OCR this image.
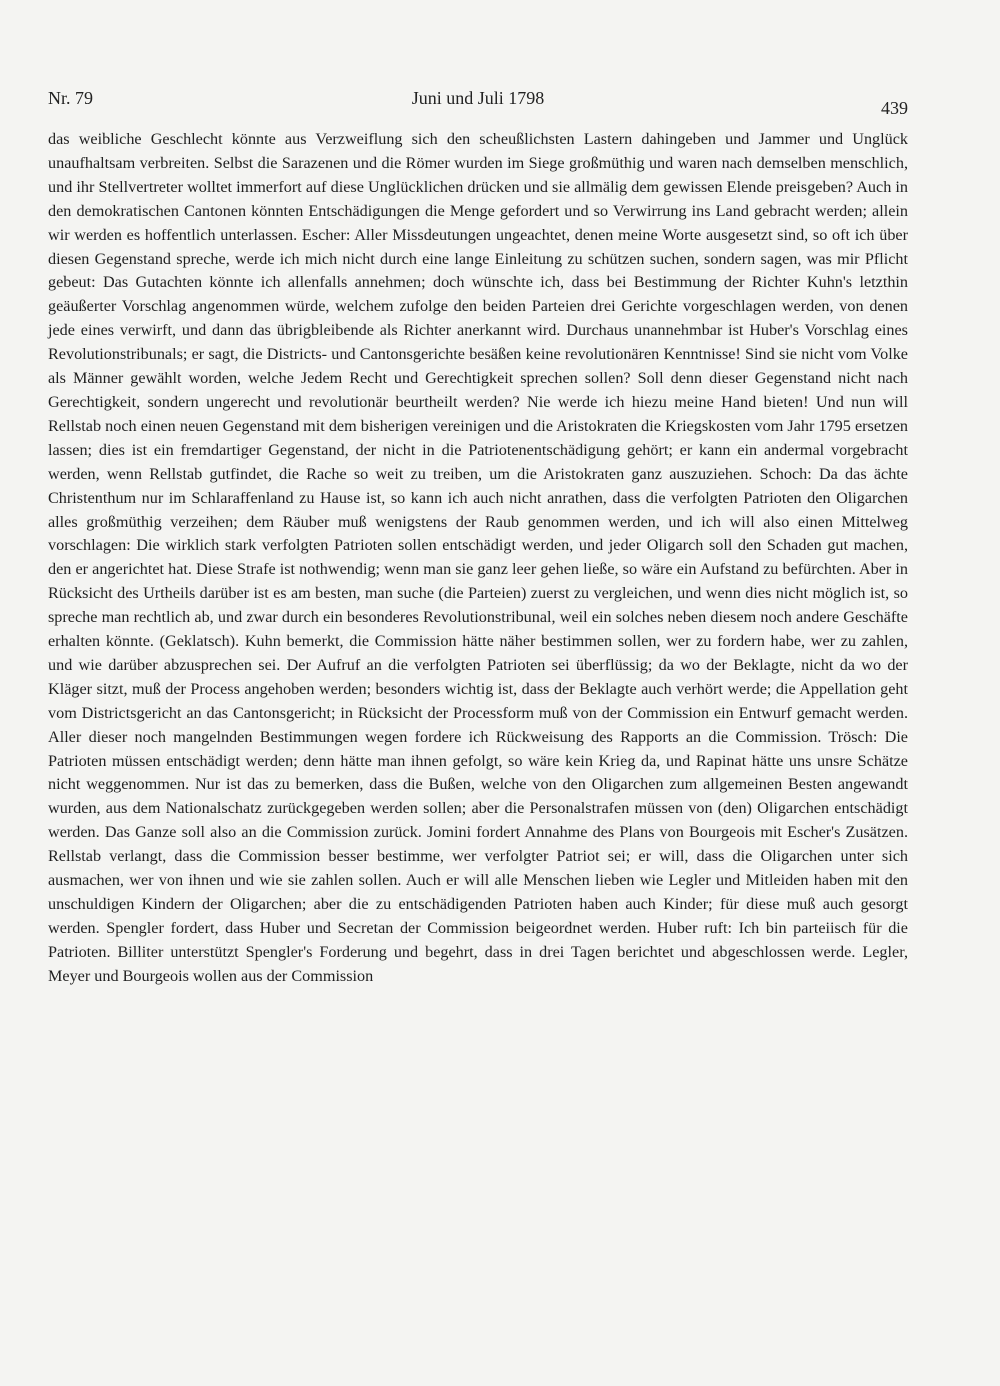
Nr. 79	Juni und Juli 1798	439

das weibliche Geschlecht könnte aus Verzweiflung sich den scheußlichsten Lastern dahingeben und Jammer und Unglück unaufhaltsam verbreiten. Selbst die Sarazenen und die Römer wurden im Siege großmüthig und waren nach demselben menschlich, und ihr Stellvertreter wolltet immerfort auf diese Unglücklichen drücken und sie allmälig dem gewissen Elende preisgeben? Auch in den demokratischen Cantonen könnten Entschädigungen die Menge gefordert und so Verwirrung ins Land gebracht werden; allein wir werden es hoffentlich unterlassen. Escher: Aller Missdeutungen ungeachtet, denen meine Worte ausgesetzt sind, so oft ich über diesen Gegenstand spreche, werde ich mich nicht durch eine lange Einleitung zu schützen suchen, sondern sagen, was mir Pflicht gebeut: Das Gutachten könnte ich allenfalls annehmen; doch wünschte ich, dass bei Bestimmung der Richter Kuhn's letzthin geäußerter Vorschlag angenommen würde, welchem zufolge den beiden Parteien drei Gerichte vorgeschlagen werden, von denen jede eines verwirft, und dann das übrigbleibende als Richter anerkannt wird. Durchaus unannehmbar ist Huber's Vorschlag eines Revolutionstribunals; er sagt, die Districts- und Cantonsgerichte besäßen keine revolutionären Kenntnisse! Sind sie nicht vom Volke als Männer gewählt worden, welche Jedem Recht und Gerechtigkeit sprechen sollen? Soll denn dieser Gegenstand nicht nach Gerechtigkeit, sondern ungerecht und revolutionär beurtheilt werden? Nie werde ich hiezu meine Hand bieten! Und nun will Rellstab noch einen neuen Gegenstand mit dem bisherigen vereinigen und die Aristokraten die Kriegskosten vom Jahr 1795 ersetzen lassen; dies ist ein fremdartiger Gegenstand, der nicht in die Patriotenentschädigung gehört; er kann ein andermal vorgebracht werden, wenn Rellstab gutfindet, die Rache so weit zu treiben, um die Aristokraten ganz auszuziehen. Schoch: Da das ächte Christenthum nur im Schlaraffenland zu Hause ist, so kann ich auch nicht anrathen, dass die verfolgten Patrioten den Oligarchen alles großmüthig verzeihen; dem Räuber muß wenigstens der Raub genommen werden, und ich will also einen Mittelweg vorschlagen: Die wirklich stark verfolgten Patrioten sollen entschädigt werden, und jeder Oligarch soll den Schaden gut machen, den er angerichtet hat. Diese Strafe ist nothwendig; wenn man sie ganz leer gehen ließe, so wäre ein Aufstand zu befürchten. Aber in Rücksicht des Urtheils darüber ist es am besten, man suche (die Parteien) zuerst zu vergleichen, und wenn dies nicht möglich ist, so spreche man rechtlich ab, und zwar durch ein besonderes Revolutionstribunal, weil ein solches neben diesem noch andere Geschäfte erhalten könnte. (Geklatsch). Kuhn bemerkt, die Commission hätte näher bestimmen sollen, wer zu fordern habe, wer zu zahlen, und wie darüber abzusprechen sei. Der Aufruf an die verfolgten Patrioten sei überflüssig; da wo der Beklagte, nicht da wo der Kläger sitzt, muß der Process angehoben werden; besonders wichtig ist, dass der Beklagte auch verhört werde; die Appellation geht vom Districtsgericht an das Cantonsgericht; in Rücksicht der Processform muß von der Commission ein Entwurf gemacht werden. Aller dieser noch mangelnden Bestimmungen wegen fordere ich Rückweisung des Rapports an die Commission. Trösch: Die Patrioten müssen entschädigt werden; denn hätte man ihnen gefolgt, so wäre kein Krieg da, und Rapinat hätte uns unsre Schätze nicht weggenommen. Nur ist das zu bemerken, dass die Bußen, welche von den Oligarchen zum allgemeinen Besten angewandt wurden, aus dem Nationalschatz zurückgegeben werden sollen; aber die Personalstrafen müssen von (den) Oligarchen entschädigt werden. Das Ganze soll also an die Commission zurück. Jomini fordert Annahme des Plans von Bourgeois mit Escher's Zusätzen. Rellstab verlangt, dass die Commission besser bestimme, wer verfolgter Patriot sei; er will, dass die Oligarchen unter sich ausmachen, wer von ihnen und wie sie zahlen sollen. Auch er will alle Menschen lieben wie Legler und Mitleiden haben mit den unschuldigen Kindern der Oligarchen; aber die zu entschädigenden Patrioten haben auch Kinder; für diese muß auch gesorgt werden. Spengler fordert, dass Huber und Secretan der Commission beigeordnet werden. Huber ruft: Ich bin parteiisch für die Patrioten. Billiter unterstützt Spengler's Forderung und begehrt, dass in drei Tagen berichtet und abgeschlossen werde. Legler, Meyer und Bourgeois wollen aus der Commission
